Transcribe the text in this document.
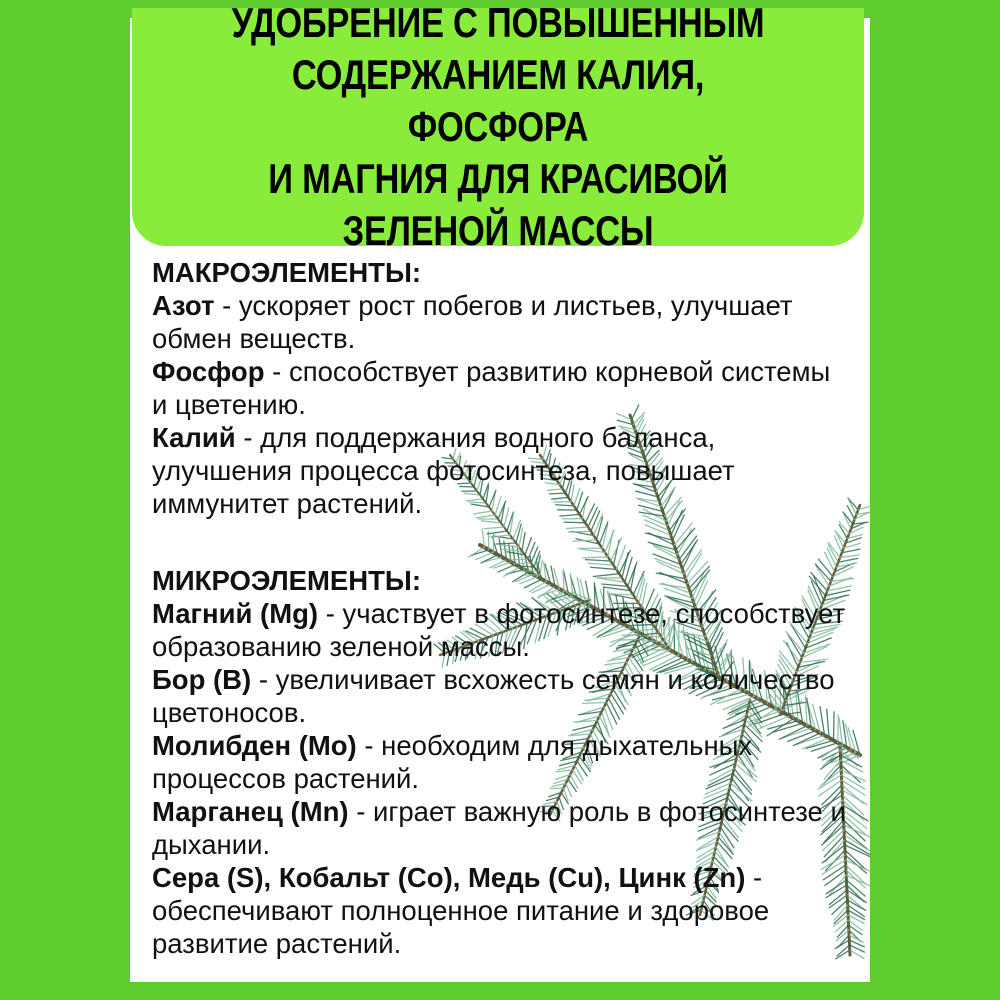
УДОБРЕНИЕ С ПОВЫШЕННЫМ
СОДЕРЖАНИЕМ КАЛИЯ, ФОСФОРА
И МАГНИЯ ДЛЯ КРАСИВОЙ
ЗЕЛЕНОЙ МАССЫ

МАКРОЭЛЕМЕНТЫ:

Азот - ускоряет рост побегов и листьев, улучшает обмен веществ.

Фосфор - способствует развитию корневой системы и цветению.

Калий - для поддержания водного баланса, улучшения процесса фотосинтеза, повышает иммунитет растений.

МИКРОЭЛЕМЕНТЫ:

Магний (Mg) - участвует в фотосинтезе, способствует образованию зеленой массы.

Бор (B) - увеличивает всхожесть семян и количество цветоносов.

Молибден (Mo) - необходим для дыхательных процессов растений.

Марганец (Mn) - играет важную роль в фотосинтезе и дыхании.

Сера (S), Кобальт (Co), Медь (Cu), Цинк (Zn) - обеспечивают полноценное питание и здоровое развитие растений.
